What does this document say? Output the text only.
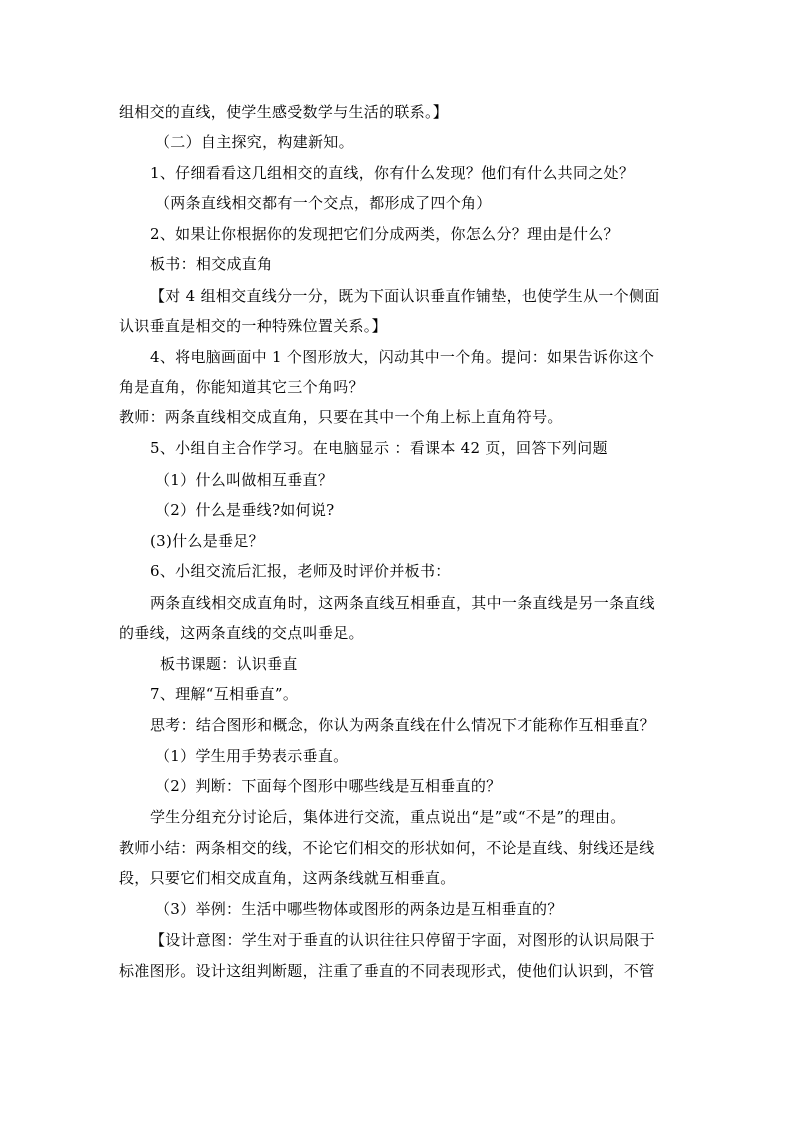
组相交的直线，使学生感受数学与生活的联系。】
（二）自主探究，构建新知。
1、仔细看看这几组相交的直线，你有什么发现？他们有什么共同之处？
（两条直线相交都有一个交点，都形成了四个角）
2、如果让你根据你的发现把它们分成两类，你怎么分？理由是什么？
板书：相交成直角
【对 4 组相交直线分一分，既为下面认识垂直作铺垫，也使学生从一个侧面
认识垂直是相交的一种特殊位置关系。】
4、将电脑画面中 1 个图形放大，闪动其中一个角。提问：如果告诉你这个
角是直角，你能知道其它三个角吗？
教师：两条直线相交成直角，只要在其中一个角上标上直角符号。
5、小组自主合作学习。在电脑显示 ：看课本 42 页，回答下列问题
（1）什么叫做相互垂直？
（2）什么是垂线?如何说?
(3)什么是垂足？
6、小组交流后汇报，老师及时评价并板书：
两条直线相交成直角时，这两条直线互相垂直，其中一条直线是另一条直线
的垂线，这两条直线的交点叫垂足。
板书课题：认识垂直
7、理解“互相垂直”。
思考：结合图形和概念，你认为两条直线在什么情况下才能称作互相垂直？
（1）学生用手势表示垂直。
（2）判断：下面每个图形中哪些线是互相垂直的？
学生分组充分讨论后，集体进行交流，重点说出“是”或“不是”的理由。
教师小结：两条相交的线，不论它们相交的形状如何，不论是直线、射线还是线
段，只要它们相交成直角，这两条线就互相垂直。
（3）举例：生活中哪些物体或图形的两条边是互相垂直的？
【设计意图：学生对于垂直的认识往往只停留于字面，对图形的认识局限于
标准图形。设计这组判断题，注重了垂直的不同表现形式，使他们认识到，不管
